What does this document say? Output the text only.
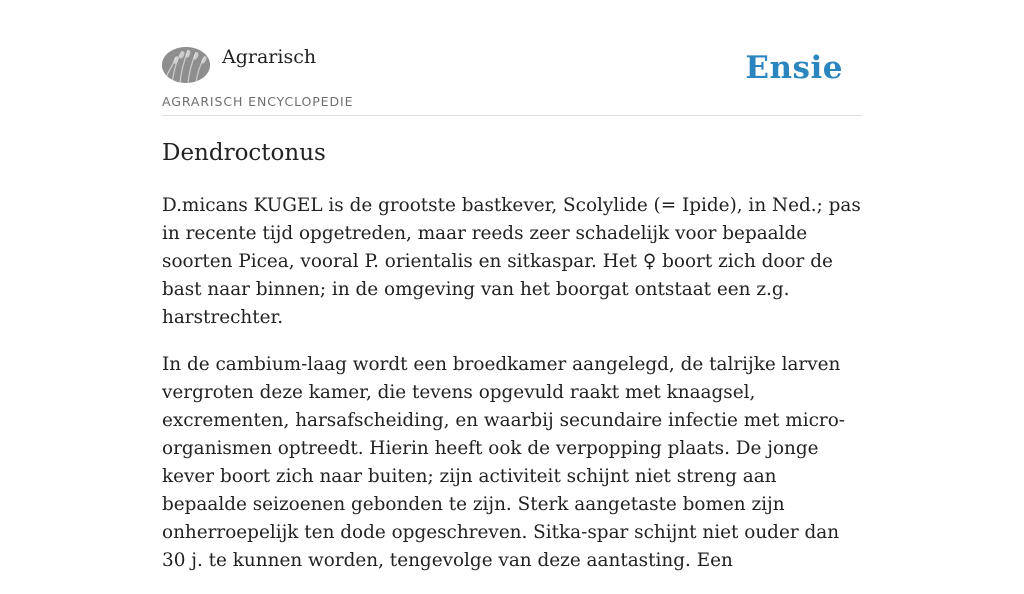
Agrarisch	Ensie
AGRARISCH ENCYCLOPEDIE
Dendroctonus

D.micans KUGEL is de grootste bastkever, Scolylide (= Ipide), in Ned.; pas in recente tijd opgetreden, maar reeds zeer schadelijk voor bepaalde soorten Picea, vooral P. orientalis en sitkaspar. Het ♀ boort zich door de bast naar binnen; in de omgeving van het boorgat ontstaat een z.g. harstrechter.

In de cambium-laag wordt een broedkamer aangelegd, de talrijke larven vergroten deze kamer, die tevens opgevuld raakt met knaagsel, excrementen, harsafscheiding, en waarbij secundaire infectie met micro-organismen optreedt. Hierin heeft ook de verpopping plaats. De jonge kever boort zich naar buiten; zijn activiteit schijnt niet streng aan bepaalde seizoenen gebonden te zijn. Sterk aangetaste bomen zijn onherroepelijk ten dode opgeschreven. Sitka-spar schijnt niet ouder dan 30 j. te kunnen worden, tengevolge van deze aantasting. Een
